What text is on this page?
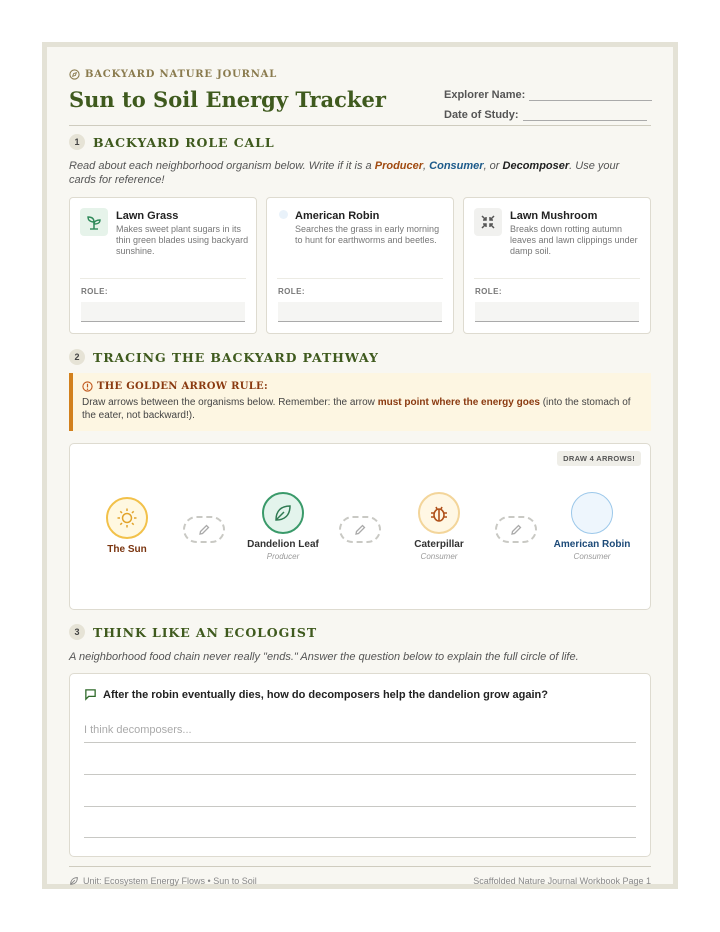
BACKYARD NATURE JOURNAL
Sun to Soil Energy Tracker	Explorer Name:
Date of Study:
1	BACKYARD ROLE CALL
Read about each neighborhood organism below. Write if it is a Producer, Consumer, or Decomposer. Use your cards for reference!
Lawn Grass
Makes sweet plant sugars in its thin green blades using backyard sunshine.
ROLE:
American Robin
Searches the grass in early morning to hunt for earthworms and beetles.
ROLE:
Lawn Mushroom
Breaks down rotting autumn leaves and lawn clippings under damp soil.
ROLE:
2	TRACING THE BACKYARD PATHWAY
THE GOLDEN ARROW RULE:
Draw arrows between the organisms below. Remember: the arrow must point where the energy goes (into the stomach of the eater, not backward!).
DRAW 4 ARROWS!
The Sun	Dandelion Leaf
Producer
Caterpillar
Consumer
American Robin
Consumer
3	THINK LIKE AN ECOLOGIST
A neighborhood food chain never really "ends." Answer the question below to explain the full circle of life.
After the robin eventually dies, how do decomposers help the dandelion grow again?
I think decomposers...
Unit: Ecosystem Energy Flows • Sun to Soil	Scaffolded Nature Journal Workbook Page 1
